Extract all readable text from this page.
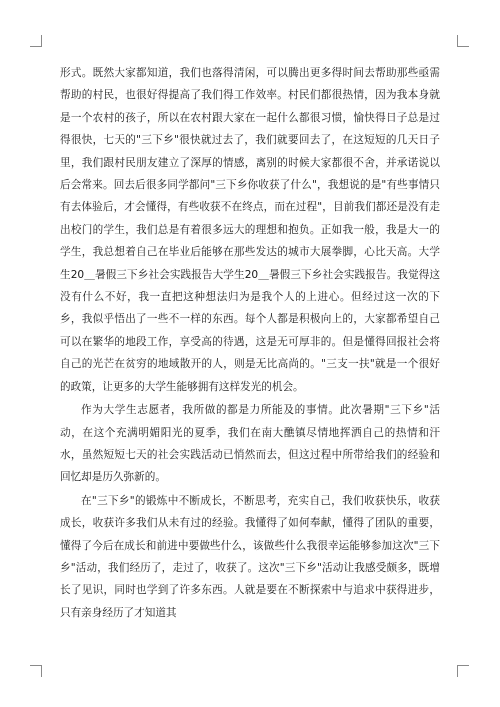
形式。既然大家都知道，我们也落得清闲，可以腾出更多得时间去帮助那些亟需帮助的村民，也很好得提高了我们得工作效率。村民们都很热情，因为我本身就是一个农村的孩子，所以在农村跟大家在一起什么都很习惯，愉快得日子总是过得很快，七天的"三下乡"很快就过去了，我们就要回去了，在这短短的几天日子里，我们跟村民朋友建立了深厚的情感，离别的时候大家都很不舍，并承诺说以后会常来。回去后很多同学都问"三下乡你收获了什么"，我想说的是"有些事情只有去体验后，才会懂得，有些收获不在终点，而在过程"，目前我们都还是没有走出校门的学生，我们总是有着很多远大的理想和抱负。正如我一般，我是大一的学生，我总想着自己在毕业后能够在那些发达的城市大展拳脚，心比天高。大学生20＿暑假三下乡社会实践报告大学生20＿暑假三下乡社会实践报告。我觉得这没有什么不好，我一直把这种想法归为是我个人的上进心。但经过这一次的下乡，我似乎悟出了一些不一样的东西。每个人都是积极向上的，大家都希望自己可以在繁华的地段工作，享受高的待遇，这是无可厚非的。但是懂得回报社会将自己的光芒在贫穷的地域散开的人，则是无比高尚的。"三支一扶"就是一个很好的政策，让更多的大学生能够拥有这样发光的机会。

作为大学生志愿者，我所做的都是力所能及的事情。此次暑期"三下乡"活动，在这个充满明媚阳光的夏季，我们在南大醮镇尽情地挥洒自己的热情和汗水，虽然短短七天的社会实践活动已悄然而去，但这过程中所带给我们的经验和回忆却是历久弥新的。

在"三下乡"的锻炼中不断成长，不断思考，充实自己，我们收获快乐，收获成长，收获许多我们从未有过的经验。我懂得了如何奉献，懂得了团队的重要，懂得了今后在成长和前进中要做些什么，该做些什么我很幸运能够参加这次"三下乡"活动，我们经历了，走过了，收获了。这次"三下乡"活动让我感受颇多，既增长了见识，同时也学到了许多东西。人就是要在不断探索中与追求中获得进步，只有亲身经历了才知道其
